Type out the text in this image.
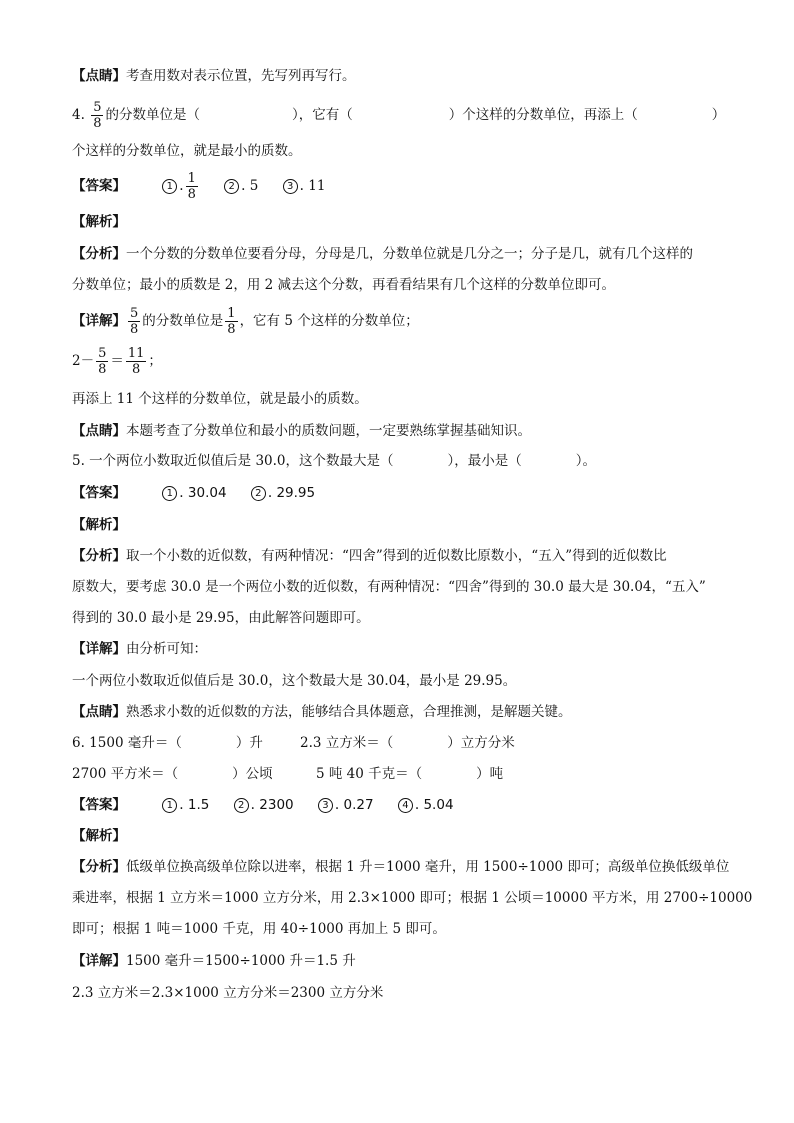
【点睛】考查用数对表示位置，先写列再写行。
4. $\frac{5}{8}$ 的分数单位是（	），它有（	）个这样的分数单位，再添上（	）
个这样的分数单位，就是最小的质数。
【答案】	1 . $\frac{1}{8}$	2 . 5	3 . 11
【解析】
【分析】一个分数的分数单位要看分母，分母是几，分数单位就是几分之一；分子是几，就有几个这样的
分数单位；最小的质数是 2，用 2 减去这个分数，再看看结果有几个这样的分数单位即可。
【详解】 $\frac{5}{8}$ 的分数单位是 $\frac{1}{8}$ ，它有 5 个这样的分数单位；
$2- \frac{5}{8} = \frac{11}{8}$ ；
再添上 11 个这样的分数单位，就是最小的质数。
【点睛】本题考查了分数单位和最小的质数问题，一定要熟练掌握基础知识。
5. 一个两位小数取近似值后是 30.0，这个数最大是（　　　　），最小是（　　　　）。
【答案】	1 . 30.04	2 . 29.95
【解析】
【分析】取一个小数的近似数，有两种情况：“四舍”得到的近似数比原数小，“五入”得到的近似数比
原数大，要考虑 30.0 是一个两位小数的近似数，有两种情况：“四舍”得到的 30.0 最大是 30.04，“五入”
得到的 30.0 最小是 29.95，由此解答问题即可。
【详解】由分析可知：
一个两位小数取近似值后是 30.0，这个数最大是 30.04，最小是 29.95。
【点睛】熟悉求小数的近似数的方法，能够结合具体题意，合理推测，是解题关键。
6. 1500 毫升＝（　　　　）升	2.3 立方米＝（　　　　）立方分米
2700 平方米＝（　　　　）公顷	5 吨 40 千克＝（　　　　）吨
【答案】	1 . 1.5	2 . 2300	3 . 0.27	4 . 5.04
【解析】
【分析】低级单位换高级单位除以进率，根据 1 升＝1000 毫升，用 1500÷1000 即可；高级单位换低级单位
乘进率，根据 1 立方米＝1000 立方分米，用 2.3×1000 即可；根据 1 公顷＝10000 平方米，用 2700÷10000
即可；根据 1 吨＝1000 千克，用 40÷1000 再加上 5 即可。
【详解】1500 毫升＝1500÷1000 升＝1.5 升
2.3 立方米＝2.3×1000 立方分米＝2300 立方分米
